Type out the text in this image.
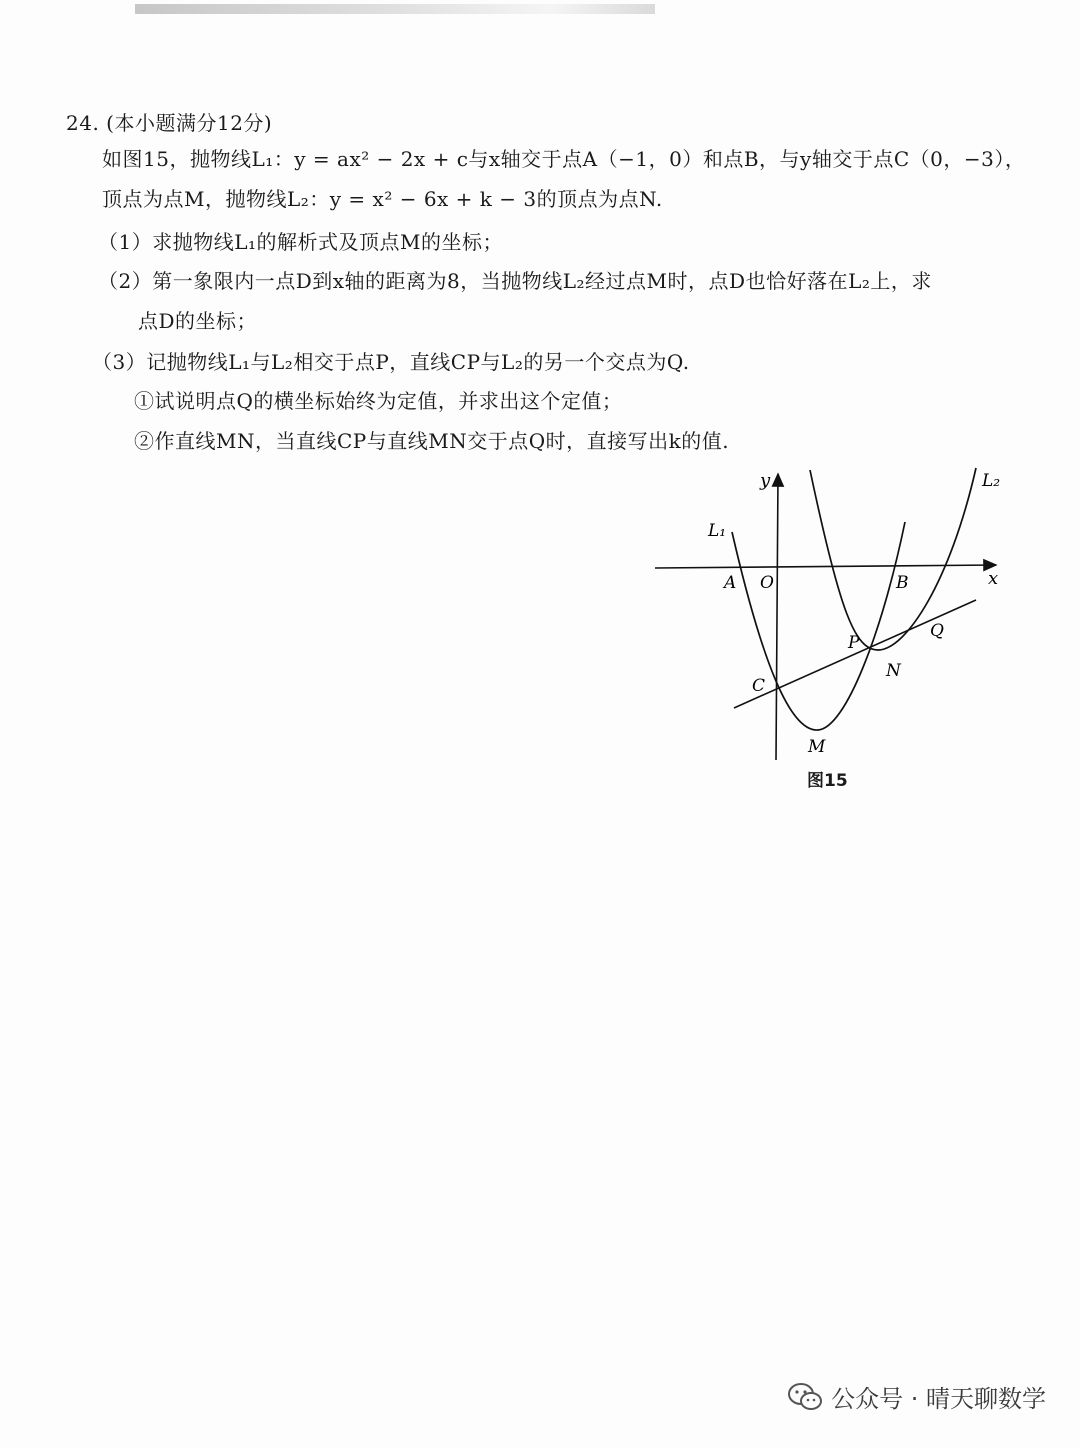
24. (本小题满分12分)
如图15，抛物线L₁：y = ax² − 2x + c与x轴交于点A（−1，0）和点B，与y轴交于点C（0，−3），
顶点为点M，抛物线L₂：y = x² − 6x + k − 3的顶点为点N.
（1）求抛物线L₁的解析式及顶点M的坐标；
（2）第一象限内一点D到x轴的距离为8，当抛物线L₂经过点M时，点D也恰好落在L₂上，求
点D的坐标；
（3）记抛物线L₁与L₂相交于点P，直线CP与L₂的另一个交点为Q.
①试说明点Q的横坐标始终为定值，并求出这个定值；
②作直线MN，当直线CP与直线MN交于点Q时，直接写出k的值.
y
x
L₁
L₂
A O	B
P
Q
N
C
M
图15
公众号 · 晴天聊数学
